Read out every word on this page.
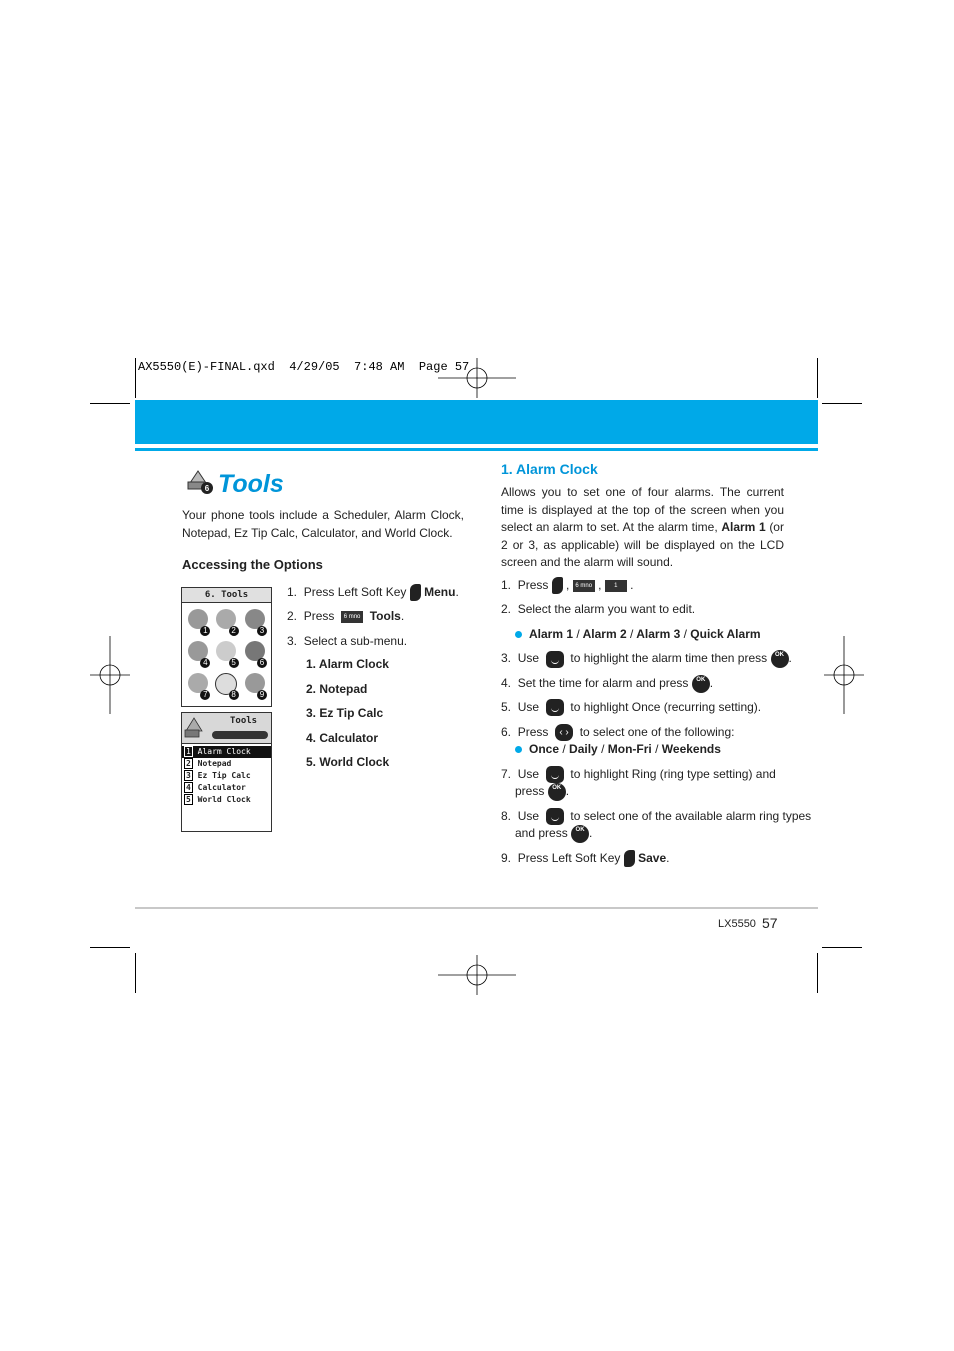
AX5550(E)-FINAL.qxd  4/29/05  7:48 AM  Page 57
6 Tools
Your phone tools include a Scheduler, Alarm Clock, Notepad, Ez Tip Calc, Calculator, and World Clock.
Accessing the Options
1. Press Left Soft Key Menu.
2. Press 6 mno Tools.
3. Select a sub-menu.
1. Alarm Clock
2. Notepad
3. Ez Tip Calc
4. Calculator
5. World Clock
6. Tools
1	2	3
4	5	6
7	8	9
Tools
1 Alarm Clock
2 Notepad
3 Ez Tip Calc
4 Calculator
5 World Clock
1. Alarm Clock
Allows you to set one of four alarms. The current time is displayed at the top of the screen when you select an alarm to set. At the alarm time, Alarm 1 (or 2 or 3, as applicable) will be displayed on the LCD screen and the alarm will sound.
1. Press  , 6 mno , 1 .
2. Select the alarm you want to edit.
Alarm 1 / Alarm 2 / Alarm 3 / Quick Alarm
3. Use	to highlight the alarm time then press OK .
4. Set the time for alarm and press OK .
5. Use	to highlight Once (recurring setting).
6. Press ‹ › to select one of the following:
Once / Daily / Mon-Fri / Weekends
7. Use	to highlight Ring (ring type setting) and
press OK .
8. Use	to select one of the available alarm ring types
and press OK .
9. Press Left Soft Key Save.
LX5550 57
